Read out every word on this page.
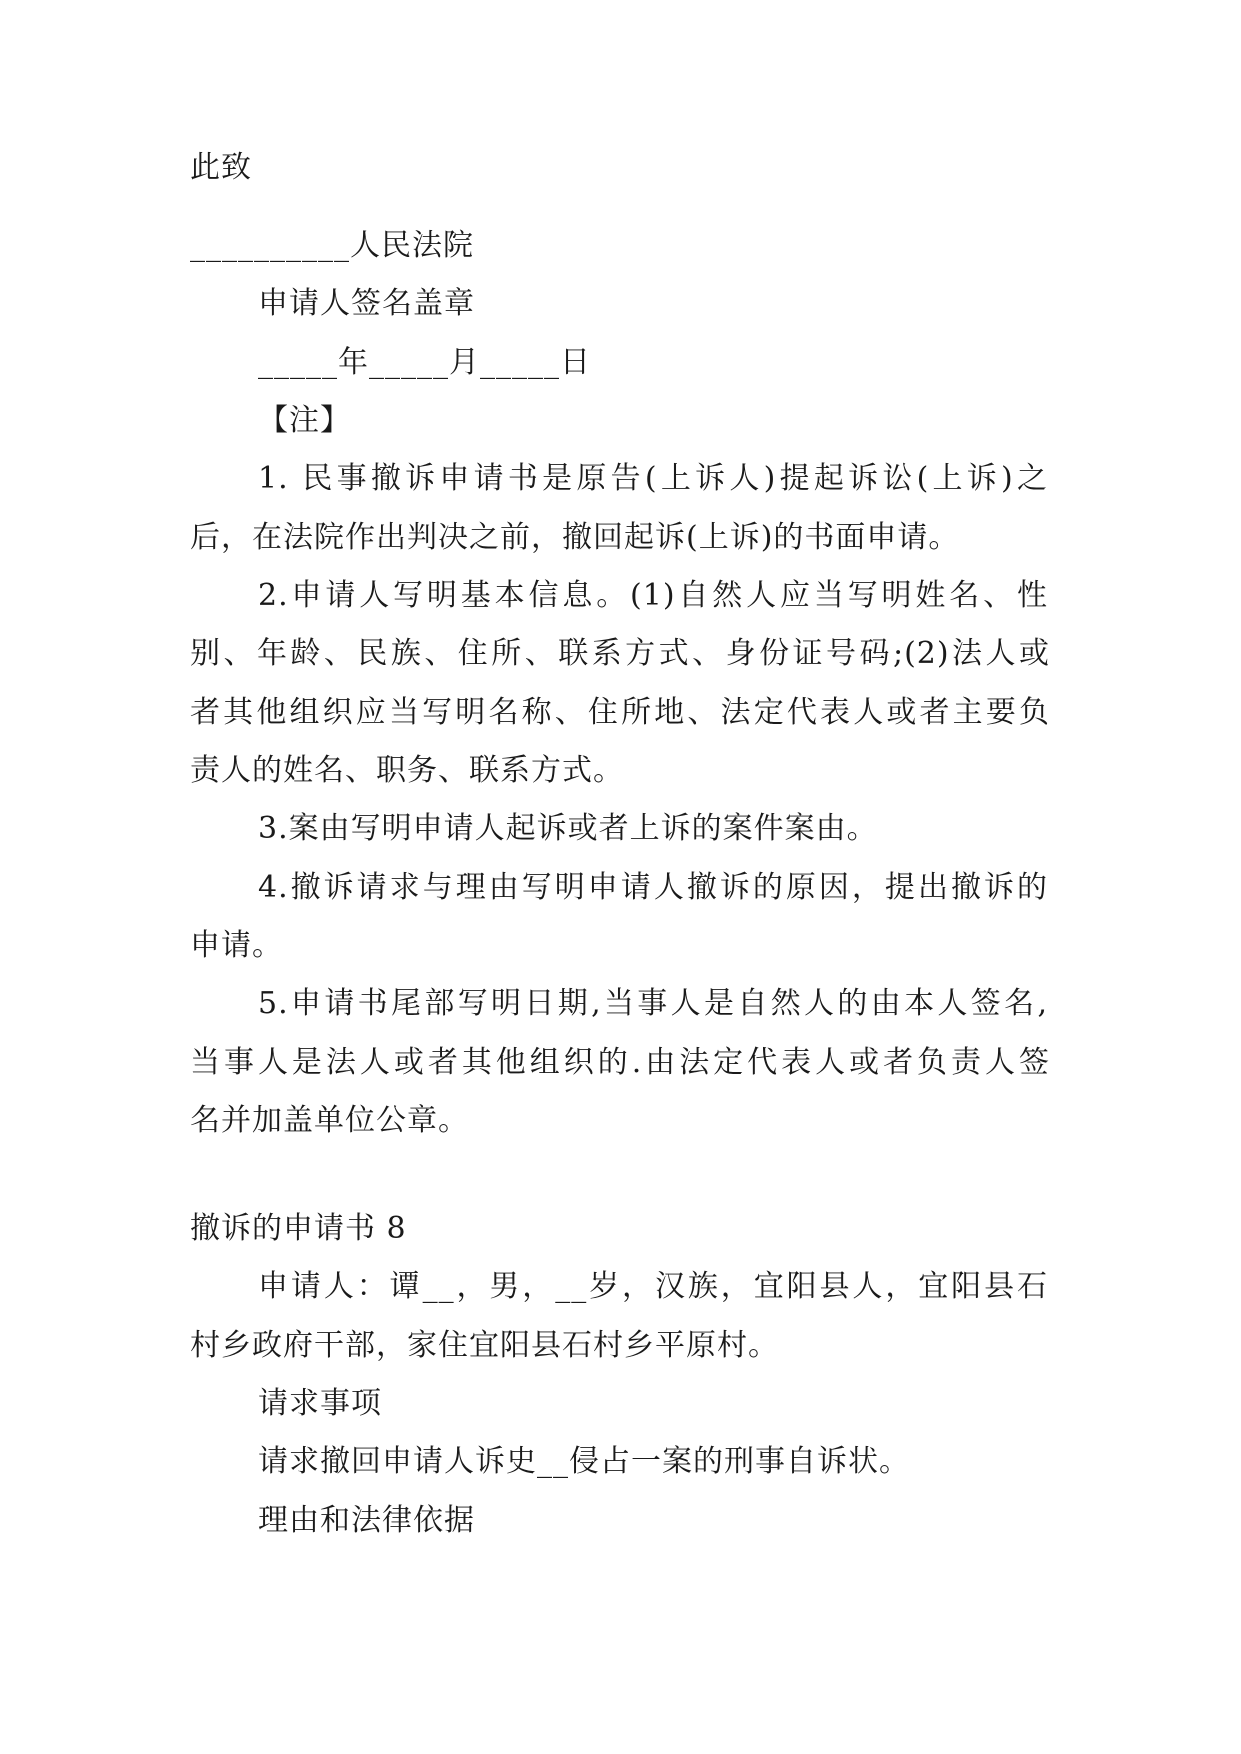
此致
__________人民法院
申请人签名盖章
_____年_____月_____日
【注】
1. 民事撤诉申请书是原告(上诉人)提起诉讼(上诉)之
后，在法院作出判决之前，撤回起诉(上诉)的书面申请。
2.申请人写明基本信息。(1)自然人应当写明姓名、性
别、年龄、民族、住所、联系方式、身份证号码;(2)法人或
者其他组织应当写明名称、住所地、法定代表人或者主要负
责人的姓名、职务、联系方式。
3.案由写明申请人起诉或者上诉的案件案由。
4.撤诉请求与理由写明申请人撤诉的原因，提出撤诉的
申请。
5.申请书尾部写明日期,当事人是自然人的由本人签名,
当事人是法人或者其他组织的.由法定代表人或者负责人签
名并加盖单位公章。
撤诉的申请书 8
申请人：谭__，男，__岁，汉族，宜阳县人，宜阳县石
村乡政府干部，家住宜阳县石村乡平原村。
请求事项
请求撤回申请人诉史__侵占一案的刑事自诉状。
理由和法律依据
